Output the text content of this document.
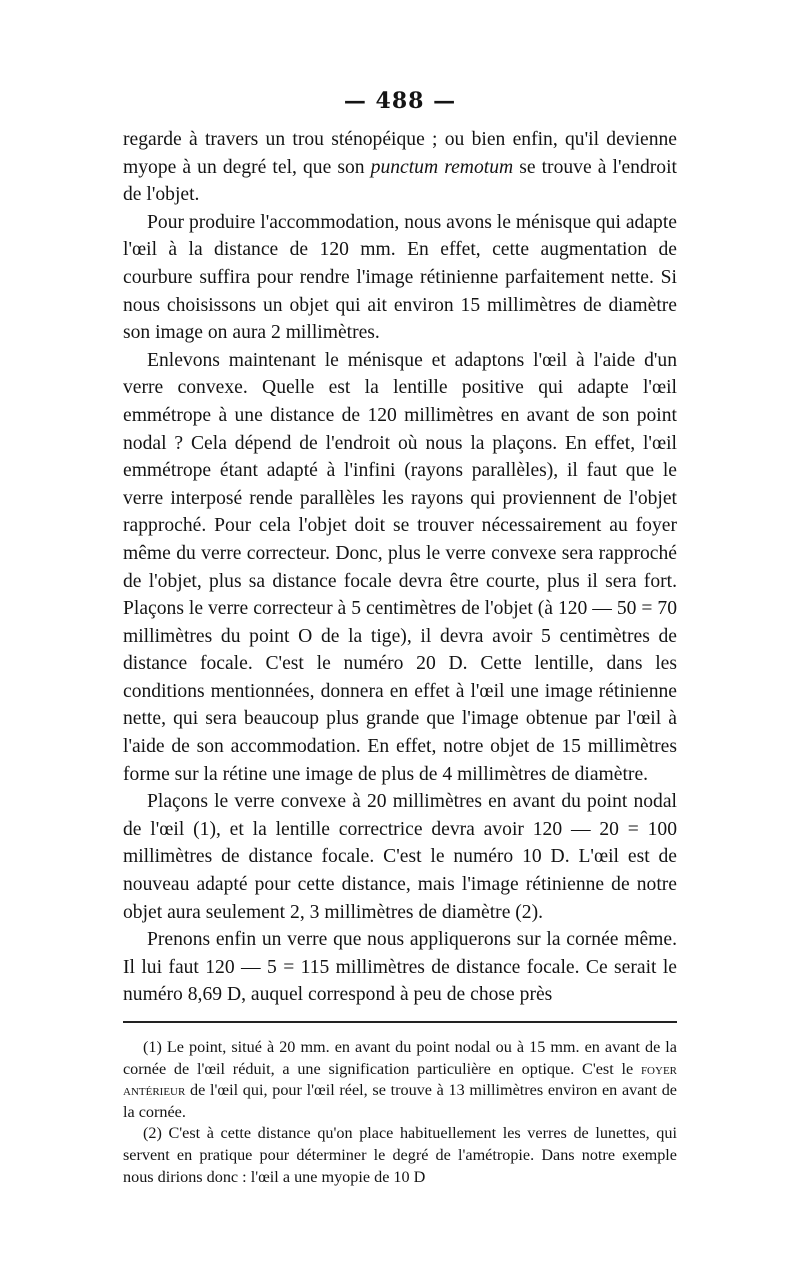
— 488 —

regarde à travers un trou sténopéique ; ou bien enfin, qu'il devienne myope à un degré tel, que son punctum remotum se trouve à l'endroit de l'objet.

Pour produire l'accommodation, nous avons le ménisque qui adapte l'œil à la distance de 120 mm. En effet, cette augmentation de courbure suffira pour rendre l'image rétinienne parfaitement nette. Si nous choisissons un objet qui ait environ 15 millimètres de diamètre son image on aura 2 millimètres.

Enlevons maintenant le ménisque et adaptons l'œil à l'aide d'un verre convexe. Quelle est la lentille positive qui adapte l'œil emmétrope à une distance de 120 millimètres en avant de son point nodal ? Cela dépend de l'endroit où nous la plaçons. En effet, l'œil emmétrope étant adapté à l'infini (rayons parallèles), il faut que le verre interposé rende parallèles les rayons qui proviennent de l'objet rapproché. Pour cela l'objet doit se trouver nécessairement au foyer même du verre correcteur. Donc, plus le verre convexe sera rapproché de l'objet, plus sa distance focale devra être courte, plus il sera fort. Plaçons le verre correcteur à 5 centimètres de l'objet (à 120 — 50 = 70 millimètres du point O de la tige), il devra avoir 5 centimètres de distance focale. C'est le numéro 20 D. Cette lentille, dans les conditions mentionnées, donnera en effet à l'œil une image rétinienne nette, qui sera beaucoup plus grande que l'image obtenue par l'œil à l'aide de son accommodation. En effet, notre objet de 15 millimètres forme sur la rétine une image de plus de 4 millimètres de diamètre.

Plaçons le verre convexe à 20 millimètres en avant du point nodal de l'œil (1), et la lentille correctrice devra avoir 120 — 20 = 100 millimètres de distance focale. C'est le numéro 10 D. L'œil est de nouveau adapté pour cette distance, mais l'image rétinienne de notre objet aura seulement 2, 3 millimètres de diamètre (2).

Prenons enfin un verre que nous appliquerons sur la cornée même. Il lui faut 120 — 5 = 115 millimètres de distance focale. Ce serait le numéro 8,69 D, auquel correspond à peu de chose près

(1) Le point, situé à 20 mm. en avant du point nodal ou à 15 mm. en avant de la cornée de l'œil réduit, a une signification particulière en optique. C'est le foyer antérieur de l'œil qui, pour l'œil réel, se trouve à 13 millimètres environ en avant de la cornée.

(2) C'est à cette distance qu'on place habituellement les verres de lunettes, qui servent en pratique pour déterminer le degré de l'amétropie. Dans notre exemple nous dirions donc : l'œil a une myopie de 10 D
